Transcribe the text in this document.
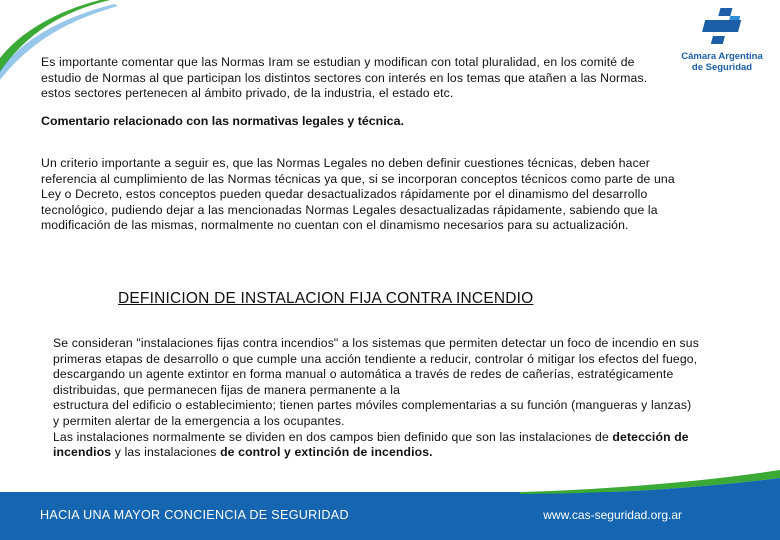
Cámara Argentina
de Seguridad
Es importante comentar que las Normas Iram se estudian y modifican con total pluralidad, en los comité de
estudio de Normas al que participan los distintos sectores con interés en los temas que atañen a las Normas.
estos sectores pertenecen al ámbito privado, de la industria, el estado etc.
Comentario relacionado con las normativas legales y técnica.
Un criterio importante a seguir es, que las Normas Legales no deben definir cuestiones técnicas, deben hacer
referencia al cumplimiento de las Normas técnicas ya que, si se incorporan conceptos técnicos como parte de una
Ley o Decreto, estos conceptos pueden quedar desactualizados rápidamente por el dinamismo del desarrollo
tecnológico, pudiendo dejar a las mencionadas Normas Legales desactualizadas rápidamente, sabiendo que la
modificación de las mismas, normalmente no cuentan con el dinamismo necesarios para su actualización.
DEFINICION DE INSTALACION FIJA CONTRA INCENDIO
Se consideran "instalaciones fijas contra incendios" a los sistemas que permiten detectar un foco de incendio en sus
primeras etapas de desarrollo o que cumple una acción tendiente a reducir, controlar ó mitigar los efectos del fuego,
descargando un agente extintor en forma manual o automática a través de redes de cañerías, estratégicamente
distribuidas, que permanecen fijas de manera permanente a la
estructura del edificio o establecimiento; tienen partes móviles complementarias a su función (mangueras y lanzas)
y permiten alertar de la emergencia a los ocupantes.
Las instalaciones normalmente se dividen en dos campos bien definido que son las instalaciones de detección de
incendios y las instalaciones de control y extinción de incendios.
HACIA UNA MAYOR CONCIENCIA DE SEGURIDAD	www.cas-seguridad.org.ar
